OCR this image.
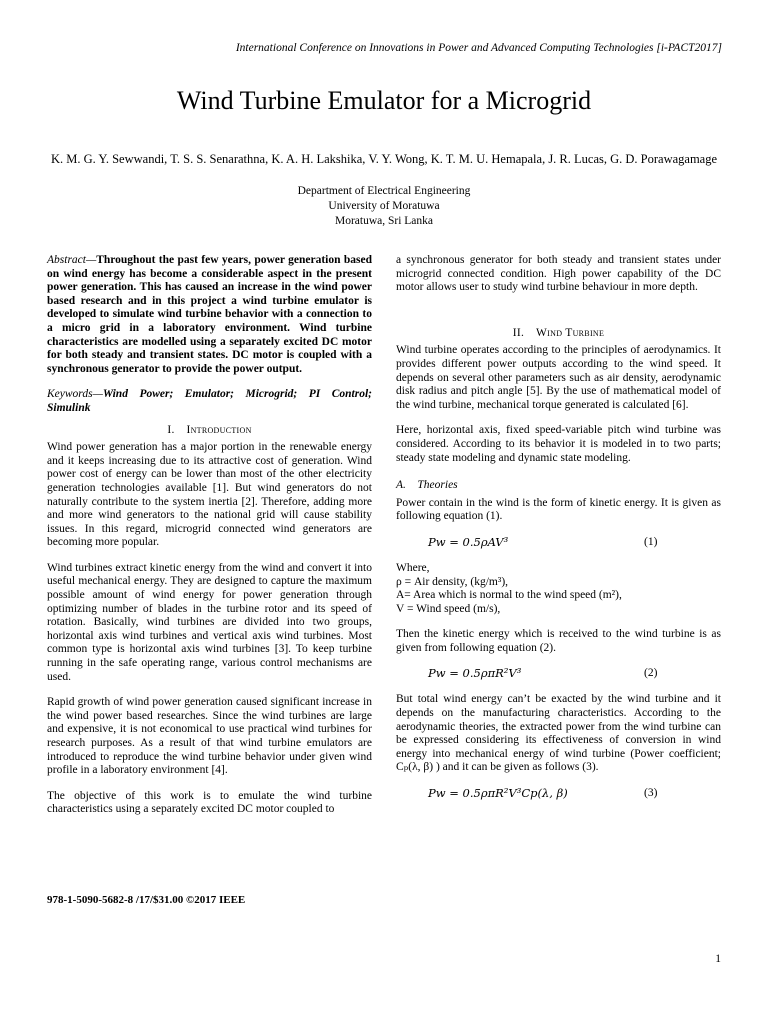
International Conference on Innovations in Power and Advanced Computing Technologies [i-PACT2017]
Wind Turbine Emulator for a Microgrid
K. M. G. Y. Sewwandi, T. S. S. Senarathna, K. A. H. Lakshika, V. Y. Wong, K. T. M. U. Hemapala, J. R. Lucas, G. D. Porawagamage
Department of Electrical Engineering
University of Moratuwa
Moratuwa, Sri Lanka

Abstract—Throughout the past few years, power generation based on wind energy has become a considerable aspect in the present power generation. This has caused an increase in the wind power based research and in this project a wind turbine emulator is developed to simulate wind turbine behavior with a connection to a micro grid in a laboratory environment. Wind turbine characteristics are modelled using a separately excited DC motor for both steady and transient states. DC motor is coupled with a synchronous generator to provide the power output.

Keywords—Wind Power; Emulator; Microgrid; PI Control; Simulink

I. Introduction

Wind power generation has a major portion in the renewable energy and it keeps increasing due to its attractive cost of generation. Wind power cost of energy can be lower than most of the other electricity generation technologies available [1]. But wind generators do not naturally contribute to the system inertia [2]. Therefore, adding more and more wind generators to the national grid will cause stability issues. In this regard, microgrid connected wind generators are becoming more popular.

Wind turbines extract kinetic energy from the wind and convert it into useful mechanical energy. They are designed to capture the maximum possible amount of wind energy for power generation through optimizing number of blades in the turbine rotor and its speed of rotation. Basically, wind turbines are divided into two groups, horizontal axis wind turbines and vertical axis wind turbines. Most common type is horizontal axis wind turbines [3]. To keep turbine running in the safe operating range, various control mechanisms are used.

Rapid growth of wind power generation caused significant increase in the wind power based researches. Since the wind turbines are large and expensive, it is not economical to use practical wind turbines for research purposes. As a result of that wind turbine emulators are introduced to reproduce the wind turbine behavior under given wind profile in a laboratory environment [4].

The objective of this work is to emulate the wind turbine characteristics using a separately excited DC motor coupled to

a synchronous generator for both steady and transient states under microgrid connected condition. High power capability of the DC motor allows user to study wind turbine behaviour in more depth.

II. Wind Turbine

Wind turbine operates according to the principles of aerodynamics. It provides different power outputs according to the wind speed. It depends on several other parameters such as air density, aerodynamic disk radius and pitch angle [5]. By the use of mathematical model of the wind turbine, mechanical torque generated is calculated [6].

Here, horizontal axis, fixed speed-variable pitch wind turbine was considered. According to its behavior it is modeled in to two parts; steady state modeling and dynamic state modeling.

A. Theories

Power contain in the wind is the form of kinetic energy. It is given as following equation (1).

Pw = 0.5ρAV³	(1)

Where,

ρ = Air density, (kg/m³),

A= Area which is normal to the wind speed (m²),

V = Wind speed (m/s),

Then the kinetic energy which is received to the wind turbine is as given from following equation (2).

Pw = 0.5ρπR²V³	(2)

But total wind energy can’t be exacted by the wind turbine and it depends on the manufacturing characteristics. According to the aerodynamic theories, the extracted power from the wind turbine can be expressed considering its effectiveness of conversion in wind energy into mechanical energy of wind turbine (Power coefficient; Cₚ(λ, β) ) and it can be given as follows (3).

Pw = 0.5ρπR²V³Cp(λ, β)	(3)
978-1-5090-5682-8 /17/$31.00 ©2017 IEEE
1
